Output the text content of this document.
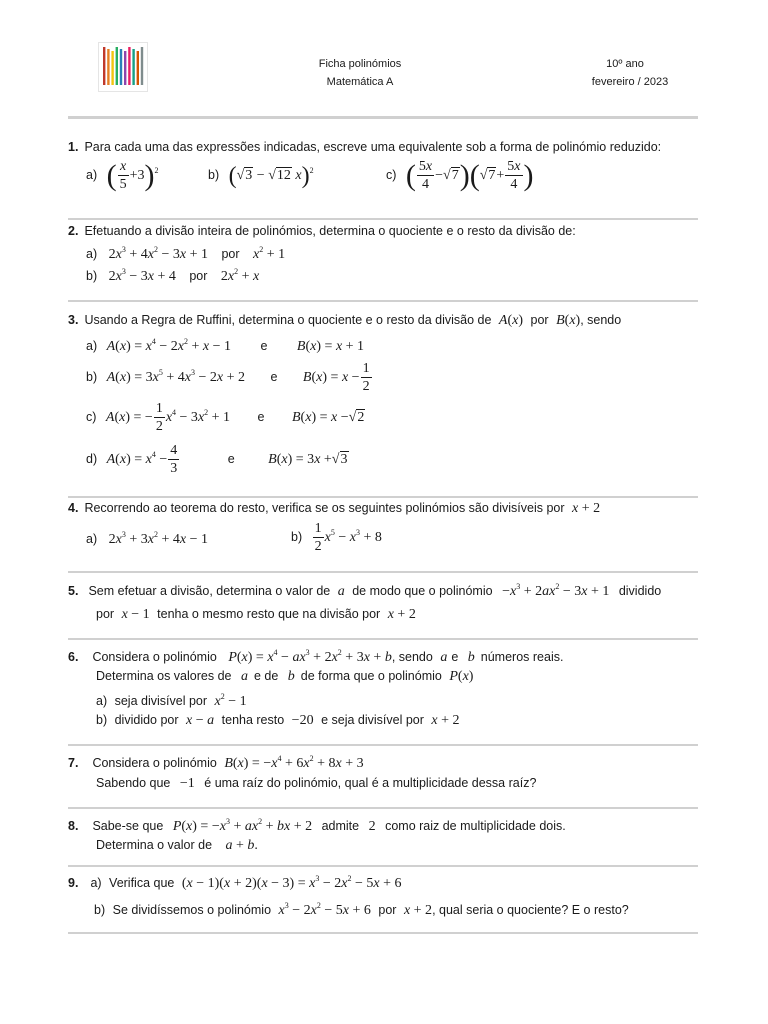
Ficha polinómios
Matemática A
10º ano
fevereiro / 2023
1. Para cada uma das expressões indicadas, escreve uma equivalente sob a forma de polinómio reduzido:
a) ( $\frac{x}{5} +3)^2$	b) (√3 − √12 x)$^2$	c) ( $\frac{5x}{4} -√7)(√7+ \frac{5x}{4}$ )
2. Efetuando a divisão inteira de polinómios, determina o quociente e o resto da divisão de:
a) $2x^3 + 4x^2 - 3x + 1$ por $x^2 + 1$
b) $2x^3 - 3x + 4$ por $2x^2 + x$
3. Usando a Regra de Ruffini, determina o quociente e o resto da divisão de A(x) por B(x), sendo
a) $A(x) = x^4 - 2x^2 + x - 1$ e B(x) = x + 1
b) $A(x) = 3x^5 + 4x^3 - 2x + 2$ e $B(x) = x - \frac{1}{2}$
c) A(x) = − $\frac{1}{2} x^4 - 3x^2 + 1$ e B(x) = x −√2
d) $A(x) = x^4 - \frac{4}{3}$	e B(x) = 3x +√3
4. Recorrendo ao teorema do resto, verifica se os seguintes polinómios são divisíveis por x + 2
a) $2x^3 + 3x^2 + 4x - 1$	$b) \frac{1}{2} x^5 - x^3 + 8$
5. Sem efetuar a divisão, determina o valor de a de modo que o polinómio $-x^3 + 2ax^2 - 3x + 1$ dividido
por x − 1 tenha o mesmo resto que na divisão por x + 2
6. Considera o polinómio $P(x) = x^4 - ax^3 + 2x^2 + 3x + b$, sendo a e b números reais.
Determina os valores de a e de b de forma que o polinómio P(x)
a) seja divisível por $x^2 - 1$
b) dividido por x − a tenha resto −20 e seja divisível por x + 2
7. Considera o polinómio $B(x) = -x^4 + 6x^2 + 8x + 3$
Sabendo que −1 é uma raíz do polinómio, qual é a multiplicidade dessa raíz?
8. Sabe-se que $P(x) = -x^3 + ax^2$ + bx + 2 admite 2 como raiz de multiplicidade dois.
Determina o valor de a + b.
9. a) Verifica que $(x - 1)(x + 2)(x - 3) = x^3 - 2x^2 - 5x + 6$
b) Se dividíssemos o polinómio $x^3 - 2x^2 - 5x + 6$ por x + 2, qual seria o quociente? E o resto?
